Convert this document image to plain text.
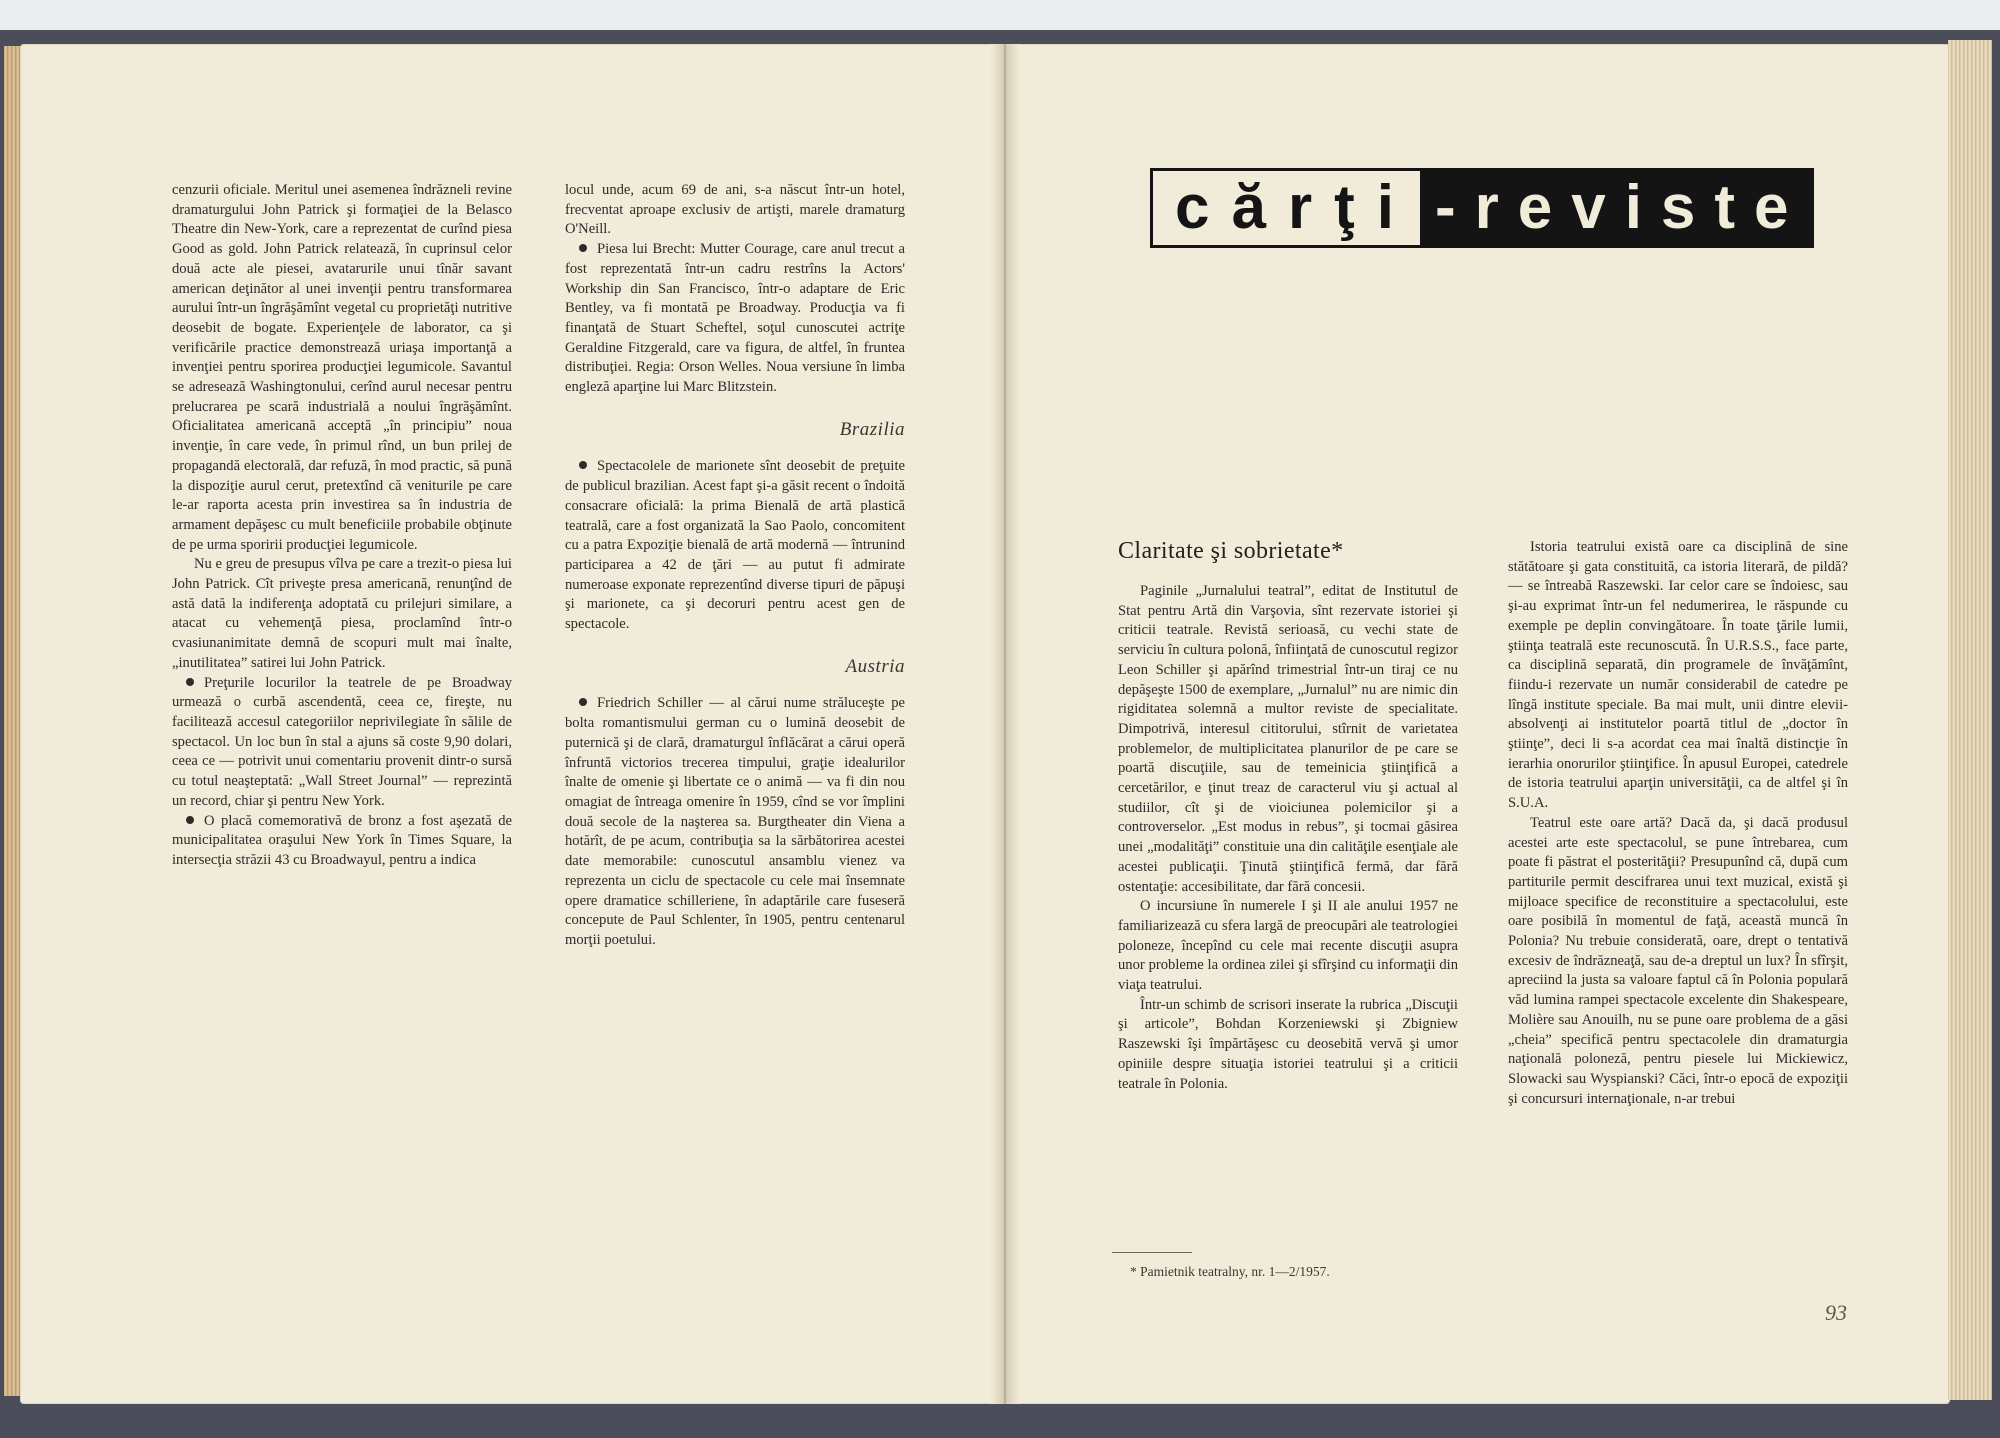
cenzurii oficiale. Meritul unei asemenea îndrăzneli revine dramaturgului John Patrick şi formaţiei de la Belasco Theatre din New-York, care a reprezentat de curînd piesa Good as gold. John Patrick relatează, în cuprinsul celor două acte ale piesei, avatarurile unui tînăr savant american deţinător al unei invenţii pentru transformarea aurului într-un îngrăşămînt vegetal cu proprietăţi nutritive deosebit de bogate. Experienţele de laborator, ca şi verificările practice demonstrează uriaşa importanţă a invenţiei pentru sporirea producţiei legumicole. Savantul se adresează Washingtonului, cerînd aurul necesar pentru prelucrarea pe scară industrială a noului îngrăşămînt. Oficialitatea americană acceptă „în principiu” noua invenţie, în care vede, în primul rînd, un bun prilej de propagandă electorală, dar refuză, în mod practic, să pună la dispoziţie aurul cerut, pretextînd că veniturile pe care le-ar raporta acesta prin investirea sa în industria de armament depăşesc cu mult beneficiile probabile obţinute de pe urma sporirii producţiei legumicole.

Nu e greu de presupus vîlva pe care a trezit-o piesa lui John Patrick. Cît priveşte presa americană, renunţînd de astă dată la indiferenţa adoptată cu prilejuri similare, a atacat cu vehemenţă piesa, proclamînd într-o cvasiunanimitate demnă de scopuri mult mai înalte, „inutilitatea” satirei lui John Patrick.

Preţurile locurilor la teatrele de pe Broadway urmează o curbă ascendentă, ceea ce, fireşte, nu facilitează accesul categoriilor neprivilegiate în sălile de spectacol. Un loc bun în stal a ajuns să coste 9,90 dolari, ceea ce — potrivit unui comentariu provenit dintr-o sursă cu totul neaşteptată: „Wall Street Journal” — reprezintă un record, chiar şi pentru New York.

O placă comemorativă de bronz a fost aşezată de municipalitatea oraşului New York în Times Square, la intersecţia străzii 43 cu Broadwayul, pentru a indica

locul unde, acum 69 de ani, s-a născut într-un hotel, frecventat aproape exclusiv de artişti, marele dramaturg O'Neill.

Piesa lui Brecht: Mutter Courage, care anul trecut a fost reprezentată într-un cadru restrîns la Actors' Workship din San Francisco, într-o adaptare de Eric Bentley, va fi montată pe Broadway. Producţia va fi finanţată de Stuart Scheftel, soţul cunoscutei actriţe Geraldine Fitzgerald, care va figura, de altfel, în fruntea distribuţiei. Regia: Orson Welles. Noua versiune în limba engleză aparţine lui Marc Blitzstein.

Brazilia

Spectacolele de marionete sînt deosebit de preţuite de publicul brazilian. Acest fapt şi-a găsit recent o îndoită consacrare oficială: la prima Bienală de artă plastică teatrală, care a fost organizată la Sao Paolo, concomitent cu a patra Expoziţie bienală de artă modernă — întrunind participarea a 42 de ţări — au putut fi admirate numeroase exponate reprezentînd diverse tipuri de păpuşi şi marionete, ca şi decoruri pentru acest gen de spectacole.

Austria

Friedrich Schiller — al cărui nume străluceşte pe bolta romantismului german cu o lumină deosebit de puternică şi de clară, dramaturgul înflăcărat a cărui operă înfruntă victorios trecerea timpului, graţie idealurilor înalte de omenie şi libertate ce o animă — va fi din nou omagiat de întreaga omenire în 1959, cînd se vor împlini două secole de la naşterea sa. Burgtheater din Viena a hotărît, de pe acum, contribuţia sa la sărbătorirea acestei date memorabile: cunoscutul ansamblu vienez va reprezenta un ciclu de spectacole cu cele mai însemnate opere dramatice schilleriene, în adaptările care fuseseră concepute de Paul Schlenter, în 1905, pentru centenarul morţii poetului.

cărţi -reviste
Claritate şi sobrietate*

Paginile „Jurnalului teatral”, editat de Institutul de Stat pentru Artă din Varşovia, sînt rezervate istoriei şi criticii teatrale. Revistă serioasă, cu vechi state de serviciu în cultura polonă, înfiinţată de cunoscutul regizor Leon Schiller şi apărînd trimestrial într-un tiraj ce nu depăşeşte 1500 de exemplare, „Jurnalul” nu are nimic din rigiditatea solemnă a multor reviste de specialitate. Dimpotrivă, interesul cititorului, stîrnit de varietatea problemelor, de multiplicitatea planurilor de pe care se poartă discuţiile, sau de temeinicia ştiinţifică a cercetărilor, e ţinut treaz de caracterul viu şi actual al studiilor, cît şi de vioiciunea polemicilor şi a controverselor. „Est modus in rebus”, şi tocmai găsirea unei „modalităţi” constituie una din calităţile esenţiale ale acestei publicaţii. Ţinută ştiinţifică fermă, dar fără ostentaţie: accesibilitate, dar fără concesii.

O incursiune în numerele I şi II ale anului 1957 ne familiarizează cu sfera largă de preocupări ale teatrologiei poloneze, începînd cu cele mai recente discuţii asupra unor probleme la ordinea zilei şi sfîrşind cu informaţii din viaţa teatrului.

Într-un schimb de scrisori inserate la rubrica „Discuţii şi articole”, Bohdan Korzeniewski şi Zbigniew Raszewski îşi împărtăşesc cu deosebită vervă şi umor opiniile despre situaţia istoriei teatrului şi a criticii teatrale în Polonia.

Istoria teatrului există oare ca disciplină de sine stătătoare şi gata constituită, ca istoria literară, de pildă? — se întreabă Raszewski. Iar celor care se îndoiesc, sau şi-au exprimat într-un fel nedumerirea, le răspunde cu exemple pe deplin convingătoare. În toate ţările lumii, ştiinţa teatrală este recunoscută. În U.R.S.S., face parte, ca disciplină separată, din programele de învăţămînt, fiindu-i rezervate un număr considerabil de catedre pe lîngă institute speciale. Ba mai mult, unii dintre elevii-absolvenţi ai institutelor poartă titlul de „doctor în ştiinţe”, deci li s-a acordat cea mai înaltă distincţie în ierarhia onorurilor ştiinţifice. În apusul Europei, catedrele de istoria teatrului aparţin universităţii, ca de altfel şi în S.U.A.

Teatrul este oare artă? Dacă da, şi dacă produsul acestei arte este spectacolul, se pune întrebarea, cum poate fi păstrat el posterităţii? Presupunînd că, după cum partiturile permit descifrarea unui text muzical, există şi mijloace specifice de reconstituire a spectacolului, este oare posibilă în momentul de faţă, această muncă în Polonia? Nu trebuie considerată, oare, drept o tentativă excesiv de îndrăzneaţă, sau de-a dreptul un lux? În sfîrşit, apreciind la justa sa valoare faptul că în Polonia populară văd lumina rampei spectacole excelente din Shakespeare, Molière sau Anouilh, nu se pune oare problema de a găsi „cheia” specifică pentru spectacolele din dramaturgia naţională poloneză, pentru piesele lui Mickiewicz, Slowacki sau Wyspianski? Căci, într-o epocă de expoziţii şi concursuri internaţionale, n-ar trebui

* Pamietnik teatralny, nr. 1—2/1957.
93
